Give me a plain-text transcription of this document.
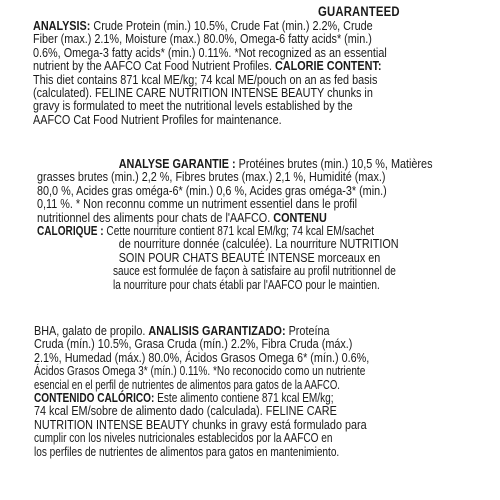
GUARANTEED
ANALYSIS: Crude Protein (min.) 10.5%, Crude Fat (min.) 2.2%, Crude
Fiber (max.) 2.1%, Moisture (max.) 80.0%, Omega-6 fatty acids* (min.)
0.6%, Omega-3 fatty acids* (min.) 0.11%. *Not recognized as an essential
nutrient by the AAFCO Cat Food Nutrient Profiles. CALORIE CONTENT:
This diet contains 871 kcal ME/kg; 74 kcal ME/pouch on an as fed basis
(calculated). FELINE CARE NUTRITION INTENSE BEAUTY chunks in
gravy is formulated to meet the nutritional levels established by the
AAFCO Cat Food Nutrient Profiles for maintenance.
ANALYSE GARANTIE : Protéines brutes (min.) 10,5 %, Matières
grasses brutes (min.) 2,2 %, Fibres brutes (max.) 2,1 %, Humidité (max.)
80,0 %, Acides gras oméga-6* (min.) 0,6 %, Acides gras oméga-3* (min.)
0,11 %. * Non reconnu comme un nutriment essentiel dans le profil
nutritionnel des aliments pour chats de l'AAFCO. CONTENU
CALORIQUE : Cette nourriture contient 871 kcal EM/kg; 74 kcal EM/sachet
de nourriture donnée (calculée). La nourriture NUTRITION
SOIN POUR CHATS BEAUTÉ INTENSE morceaux en
sauce est formulée de façon à satisfaire au profil nutritionnel de
la nourriture pour chats établi par l'AAFCO pour le maintien.
BHA, galato de propilo. ANALISIS GARANTIZADO: Proteína
Cruda (mín.) 10.5%, Grasa Cruda (mín.) 2.2%, Fibra Cruda (máx.)
2.1%, Humedad (máx.) 80.0%, Ácidos Grasos Omega 6* (mín.) 0.6%,
Ácidos Grasos Omega 3* (mín.) 0.11%. *No reconocido como un nutriente
esencial en el perfil de nutrientes de alimentos para gatos de la AAFCO.
CONTENIDO CALÓRICO: Este alimento contiene 871 kcal EM/kg;
74 kcal EM/sobre de alimento dado (calculada). FELINE CARE
NUTRITION INTENSE BEAUTY chunks in gravy está formulado para
cumplir con los niveles nutricionales establecidos por la AAFCO en
los perfiles de nutrientes de alimentos para gatos en mantenimiento.
